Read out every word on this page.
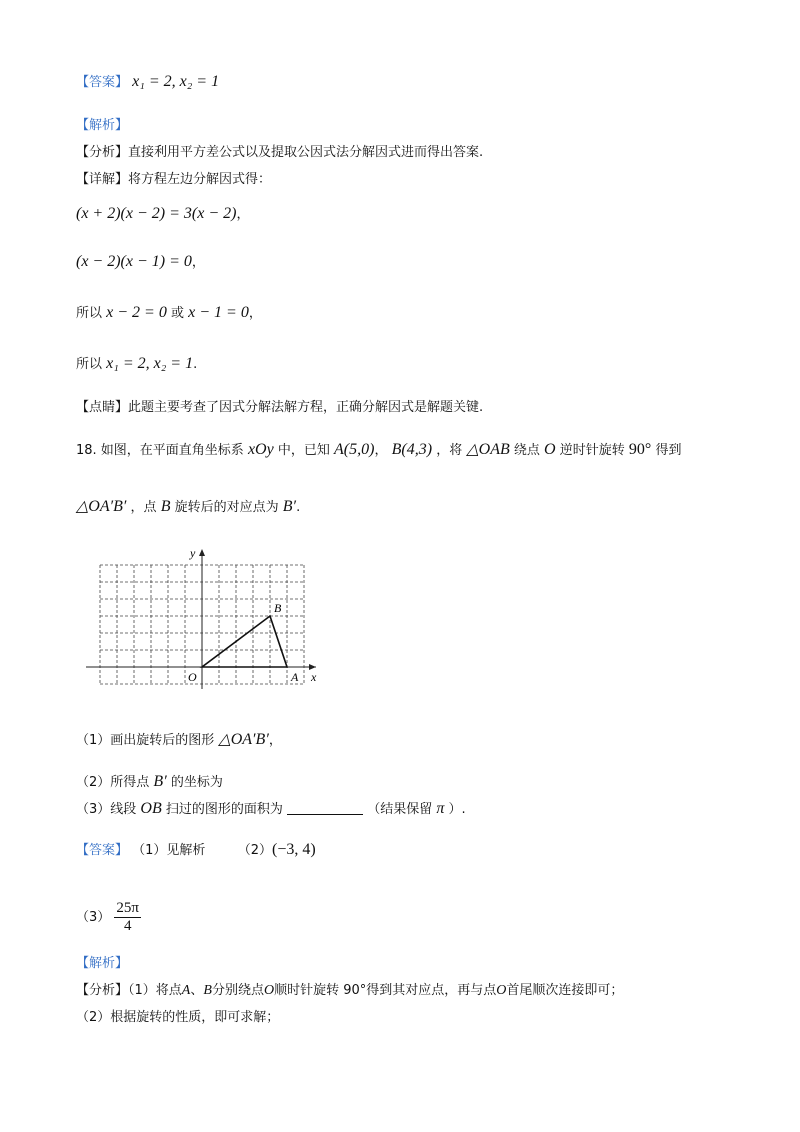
【答案】 x₁ = 2, x₂ = 1
【解析】
【分析】直接利用平方差公式以及提取公因式法分解因式进而得出答案.
【详解】将方程左边分解因式得：
(x + 2)(x − 2) = 3(x − 2)，
(x − 2)(x − 1) = 0，
所以 x − 2 = 0 或 x − 1 = 0，
所以 x₁ = 2, x₂ = 1.
【点睛】此题主要考查了因式分解法解方程，正确分解因式是解题关键.
18. 如图，在平面直角坐标系 xOy 中，已知 A(5,0)， B(4,3) ，将 △OAB 绕点 O 逆时针旋转 90° 得到
△OA′B′ ，点 B 旋转后的对应点为 B′.
y
x
O	A
B
（1）画出旋转后的图形 △OA′B′，
（2）所得点 B′ 的坐标为
（3）线段 OB 扫过的图形的面积为	（结果保留 π ）.
【答案】 （1）见解析 （2）(−3, 4)
$(3) \frac{25\pi}{4}$
【解析】
【分析】（1）将点A、B分别绕点O顺时针旋转 90°得到其对应点，再与点O首尾顺次连接即可；
（2）根据旋转的性质，即可求解；
